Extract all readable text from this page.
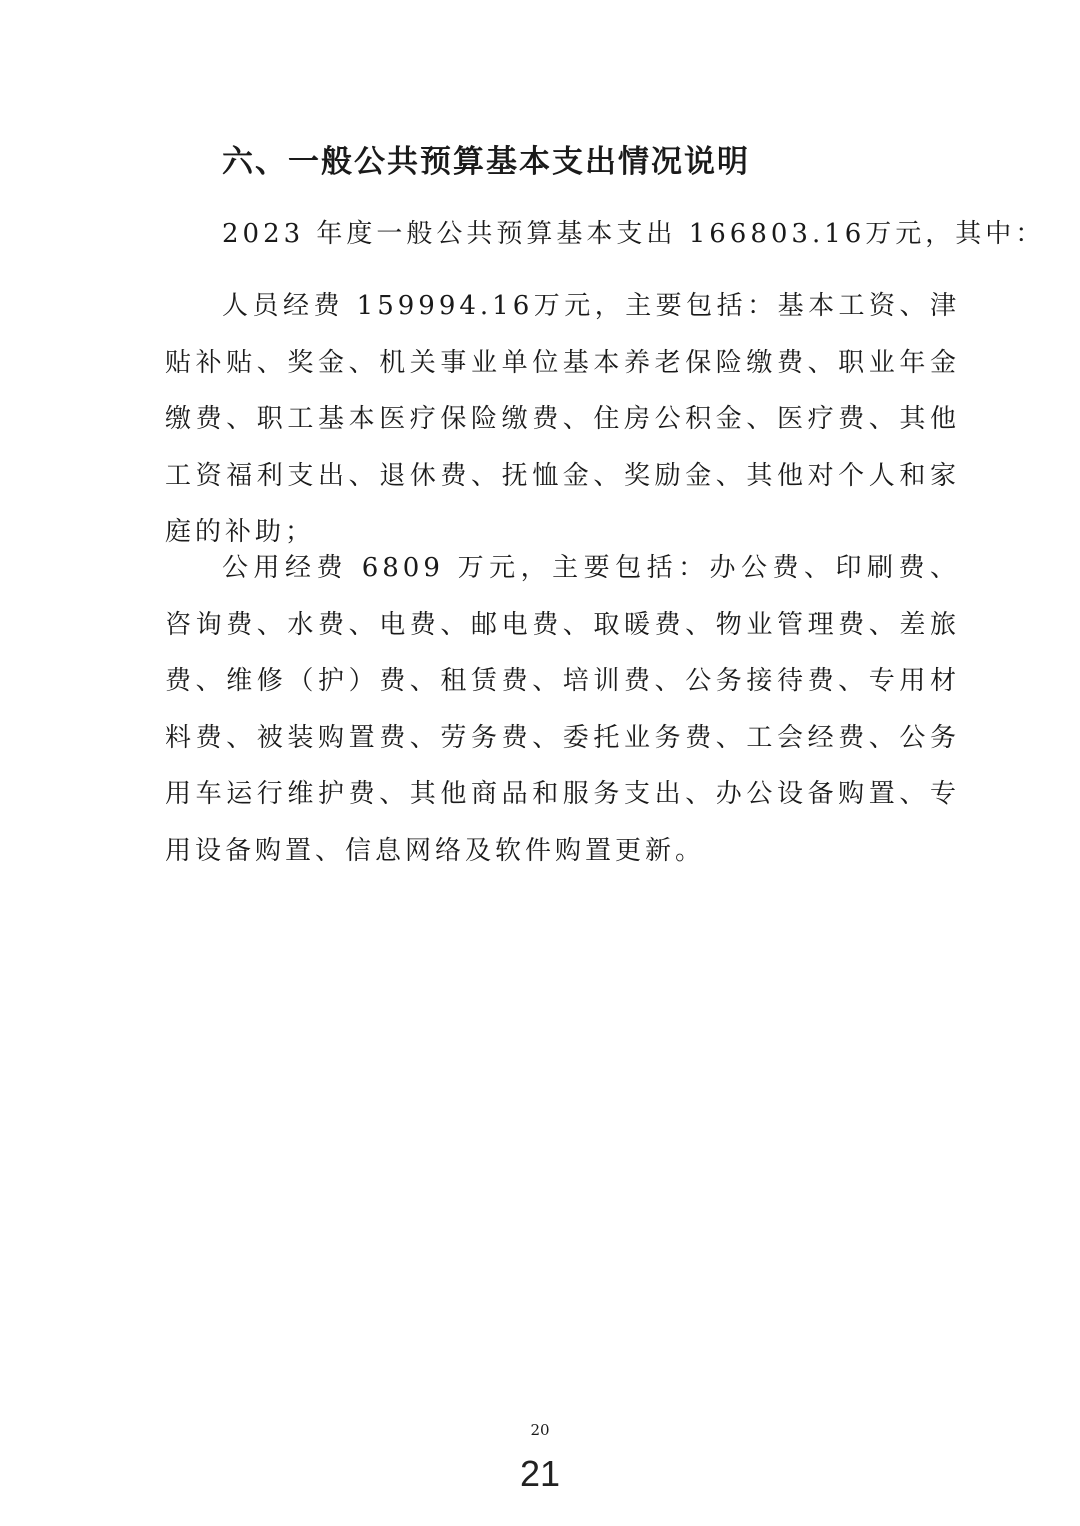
六、一般公共预算基本支出情况说明
2023 年度一般公共预算基本支出 166803.16万元，其中：

人员经费 159994.16万元，主要包括：基本工资、津贴补贴、奖金、机关事业单位基本养老保险缴费、职业年金缴费、职工基本医疗保险缴费、住房公积金、医疗费、其他工资福利支出、退休费、抚恤金、奖励金、其他对个人和家庭的补助；

公用经费 6809 万元，主要包括：办公费、印刷费、 咨询费、水费、电费、邮电费、取暖费、物业管理费、差旅费、维修（护）费、租赁费、培训费、公务接待费、专用材料费、被装购置费、劳务费、委托业务费、工会经费、公务用车运行维护费、其他商品和服务支出、办公设备购置、专用设备购置、信息网络及软件购置更新。

20
21
